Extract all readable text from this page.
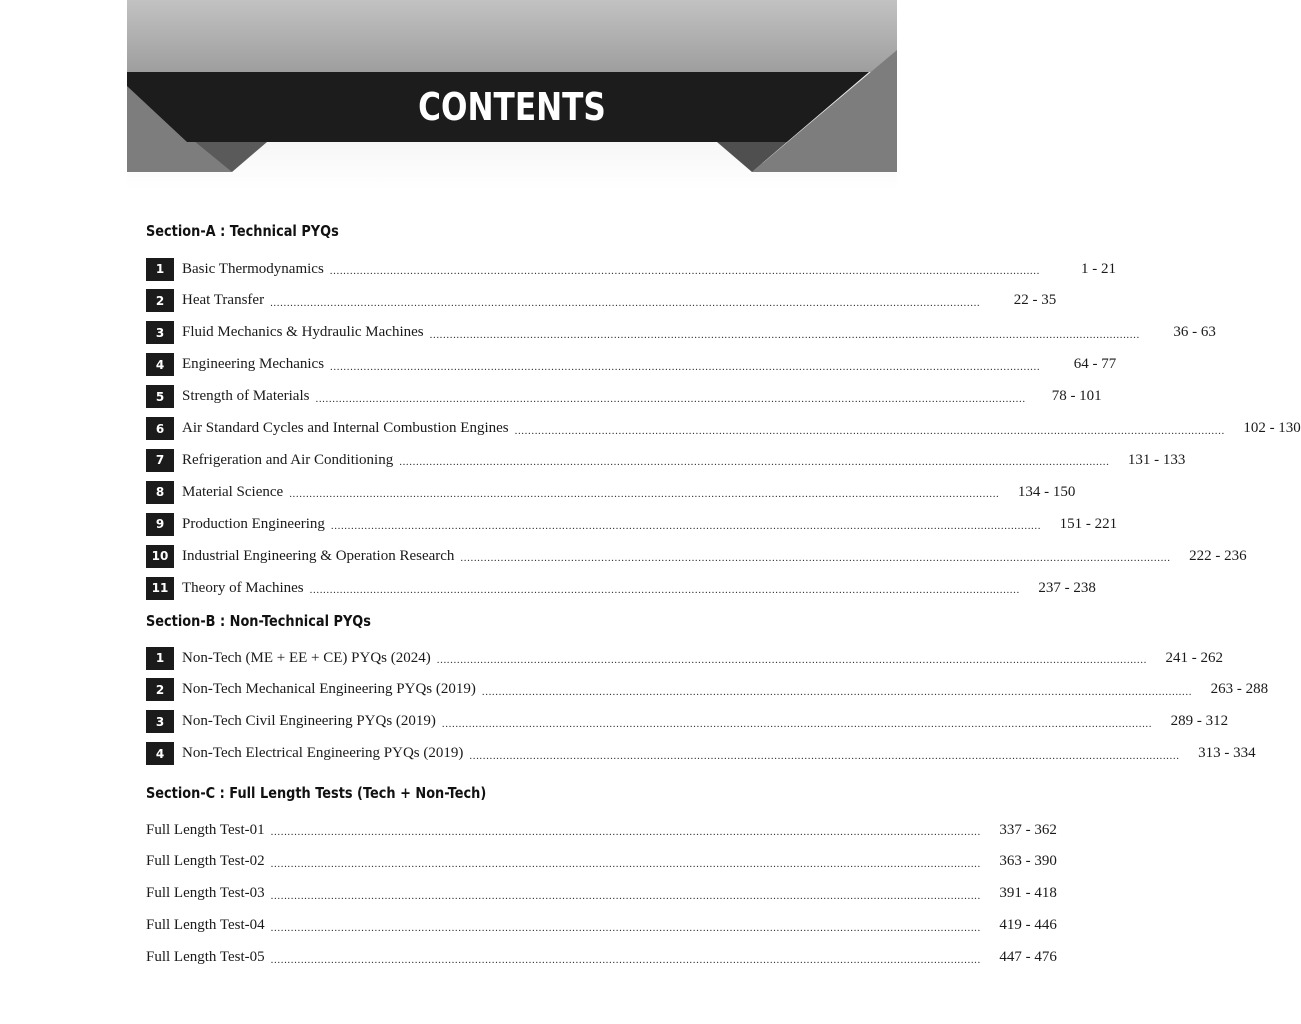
CONTENTS
Section-A : Technical PYQs
1	Basic Thermodynamics ....................................................................................................................................................................................................................	1 - 21
2	Heat Transfer ....................................................................................................................................................................................................................	22 - 35
3	Fluid Mechanics & Hydraulic Machines ....................................................................................................................................................................................................................	36 - 63
4	Engineering Mechanics ....................................................................................................................................................................................................................	64 - 77
5	Strength of Materials ....................................................................................................................................................................................................................	78 - 101
6	Air Standard Cycles and Internal Combustion Engines ....................................................................................................................................................................................................................	102 - 130
7	Refrigeration and Air Conditioning ....................................................................................................................................................................................................................	131 - 133
8	Material Science ....................................................................................................................................................................................................................	134 - 150
9	Production Engineering ....................................................................................................................................................................................................................	151 - 221
10 Industrial Engineering & Operation Research ....................................................................................................................................................................................................................	222 - 236
11 Theory of Machines ....................................................................................................................................................................................................................	237 - 238
Section-B : Non-Technical PYQs
1	Non-Tech (ME + EE + CE) PYQs (2024) ....................................................................................................................................................................................................................	241 - 262
2	Non-Tech Mechanical Engineering PYQs (2019) ....................................................................................................................................................................................................................	263 - 288
3	Non-Tech Civil Engineering PYQs (2019) ....................................................................................................................................................................................................................	289 - 312
4	Non-Tech Electrical Engineering PYQs (2019) ....................................................................................................................................................................................................................	313 - 334
Section-C : Full Length Tests (Tech + Non-Tech)
Full Length Test-01 ....................................................................................................................................................................................................................	337 - 362
Full Length Test-02 ....................................................................................................................................................................................................................	363 - 390
Full Length Test-03 ....................................................................................................................................................................................................................	391 - 418
Full Length Test-04 ....................................................................................................................................................................................................................	419 - 446
Full Length Test-05 ....................................................................................................................................................................................................................	447 - 476
